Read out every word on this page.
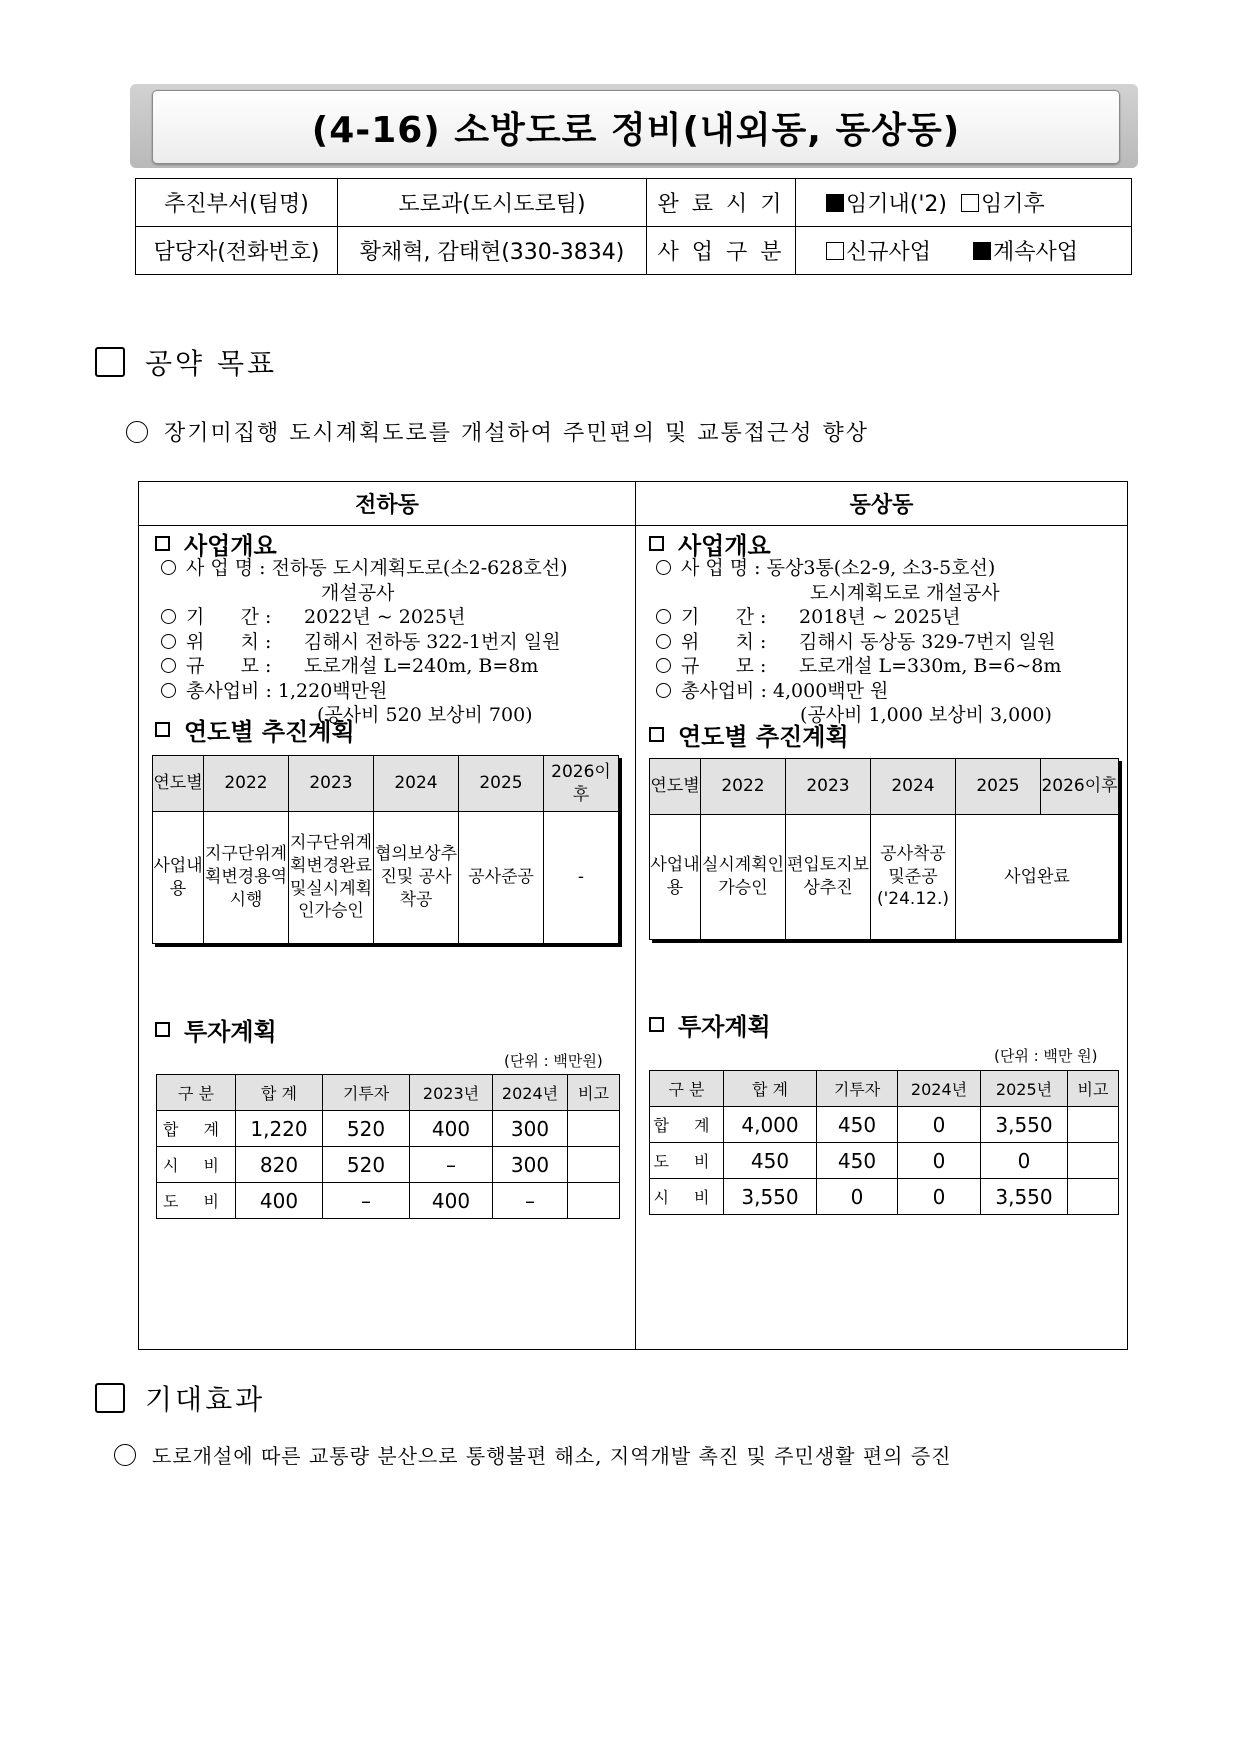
(4-16) 소방도로 정비(내외동, 동상동)
추진부서(팀명)	도로과(도시도로팀)	완 료 시 기	임기내('2) 임기후
담당자(전화번호)	황채혁, 감태현(330-3834)	사 업 구 분	신규사업 계속사업
공약 목표
장기미집행 도시계획도로를 개설하여 주민편의 및 교통접근성 향상
전하동	동상동
사업개요
사 업 명 : 전하동 도시계획도로(소2-628호선)
개설공사
기      간 : 2022년 ~ 2025년
위      치 : 김해시 전하동 322-1번지 일원
규      모 : 도로개설 L=240m, B=8m
총사업비 : 1,220백만원
(공사비 520 보상비 700)
연도별 추진계획
연도별	2022	2023	2024	2025	2026이후
사업내용	지구단위계획변경용역시행	지구단위계획변경완료 및실시계획인가승인	협의보상추진및 공사착공	공사준공	-
투자계획
(단위 : 백만원)
구 분	합 계	기투자	2023년	2024년	비고
합 계	1,220	520	400	300	
시 비	820	520	–	300	
도 비	400	–	400	–	
사업개요
사 업 명 : 동상3통(소2-9, 소3-5호선)
도시계획도로 개설공사
기      간 : 2018년 ~ 2025년
위      치 : 김해시 동상동 329-7번지 일원
규      모 : 도로개설 L=330m, B=6~8m
총사업비 : 4,000백만 원
(공사비 1,000 보상비 3,000)
연도별 추진계획
연도별	2022	2023	2024	2025	2026이후
사업내용	실시계획인가승인	편입토지보상추진	공사착공 및준공('24.12.)	사업완료	
투자계획
(단위 : 백만 원)
구 분	합 계	기투자	2024년	2025년	비고
합 계	4,000	450	0	3,550	
도 비	450	450	0	0	
시 비	3,550	0	0	3,550	
기대효과
도로개설에 따른 교통량 분산으로 통행불편 해소, 지역개발 촉진 및 주민생활 편의 증진
